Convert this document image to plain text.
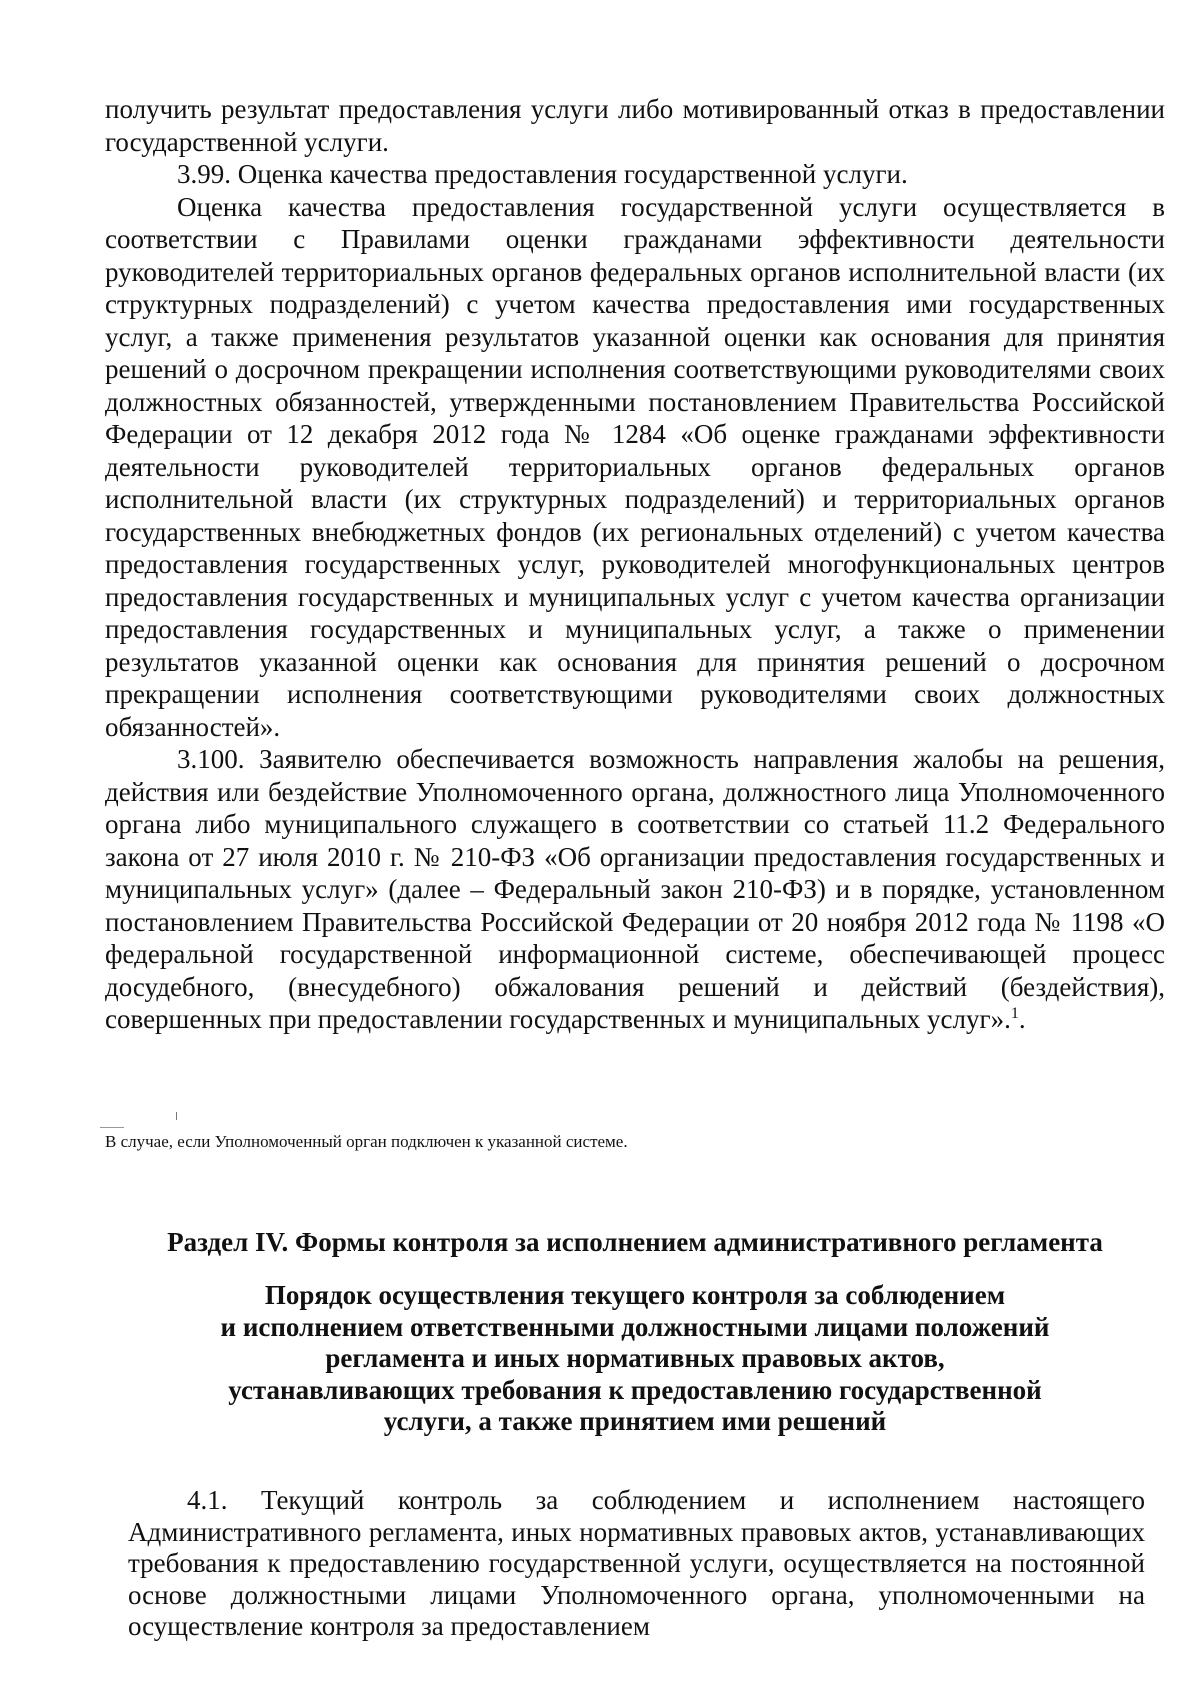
получить результат предоставления услуги либо мотивированный отказ в предоставлении государственной услуги.

3.99. Оценка качества предоставления государственной услуги.

Оценка качества предоставления государственной услуги осуществляется в соответствии с Правилами оценки гражданами эффективности деятельности руководителей территориальных органов федеральных органов исполнительной власти (их структурных подразделений) с учетом качества предоставления ими государственных услуг, а также применения результатов указанной оценки как основания для принятия решений о досрочном прекращении исполнения соответствующими руководителями своих должностных обязанностей, утвержденными постановлением Правительства Российской Федерации от 12 декабря 2012 года № 1284 «Об оценке гражданами эффективности деятельности руководителей территориальных органов федеральных органов исполнительной власти (их структурных подразделений) и территориальных органов государственных внебюджетных фондов (их региональных отделений) с учетом качества предоставления государственных услуг, руководителей многофункциональных центров предоставления государственных и муниципальных услуг с учетом качества организации предоставления государственных и муниципальных услуг, а также о применении результатов указанной оценки как основания для принятия решений о досрочном прекращении исполнения соответствующими руководителями своих должностных обязанностей».

3.100. Заявителю обеспечивается возможность направления жалобы на решения, действия или бездействие Уполномоченного органа, должностного лица Уполномоченного органа либо муниципального служащего в соответствии со статьей 11.2 Федерального закона от 27 июля 2010 г. № 210-ФЗ «Об организации предоставления государственных и муниципальных услуг» (далее – Федеральный закон 210-ФЗ) и в порядке, установленном постановлением Правительства Российской Федерации от 20 ноября 2012 года № 1198 «О федеральной государственной информационной системе, обеспечивающей процесс досудебного, (внесудебного) обжалования решений и действий (бездействия), совершенных при предоставлении государственных и муниципальных услуг».$^1$.

В случае, если Уполномоченный орган подключен к указанной системе.
Раздел IV. Формы контроля за исполнением административного регламента
Порядок осуществления текущего контроля за соблюдением
и исполнением ответственными должностными лицами положений
регламента и иных нормативных правовых актов,
устанавливающих требования к предоставлению государственной
услуги, а также принятием ими решений

4.1. Текущий контроль за соблюдением и исполнением настоящего Административного регламента, иных нормативных правовых актов, устанавливающих требования к предоставлению государственной услуги, осуществляется на постоянной основе должностными лицами Уполномоченного органа, уполномоченными на осуществление контроля за предоставлением
